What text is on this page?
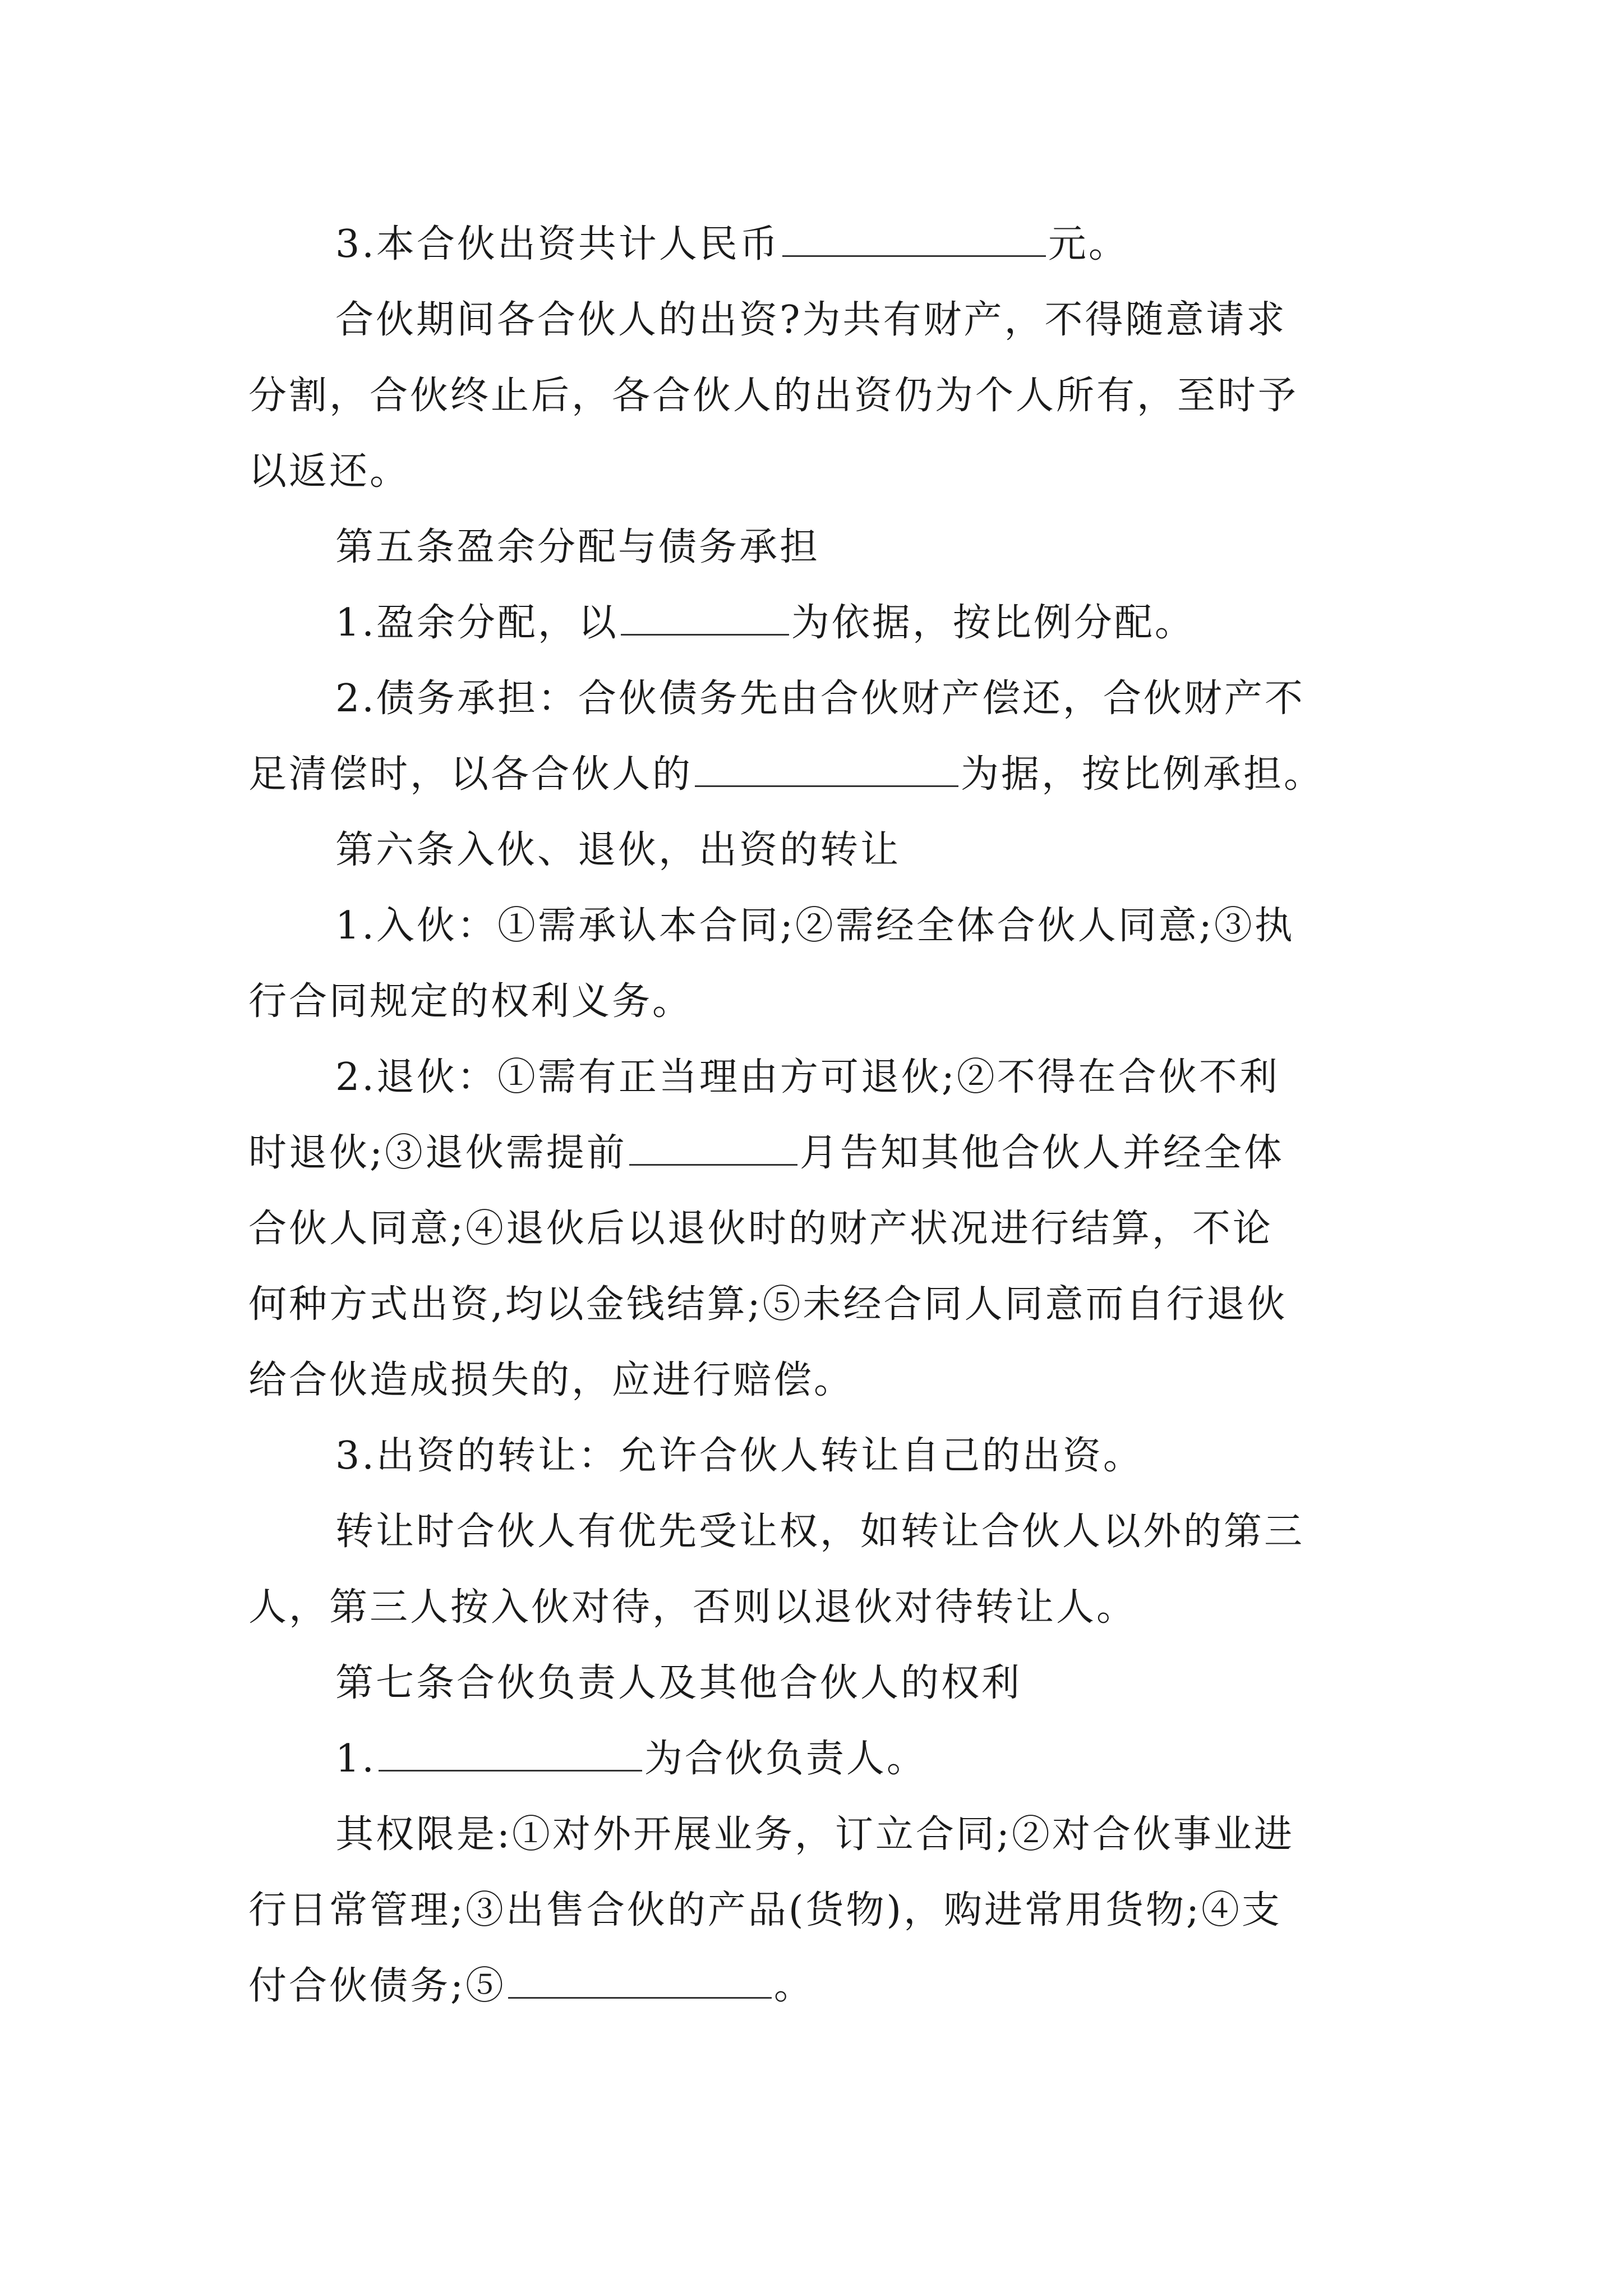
3.本合伙出资共计人民币	元。

合伙期间各合伙人的出资?为共有财产，不得随意请求

分割，合伙终止后，各合伙人的出资仍为个人所有，至时予

以返还。

第五条盈余分配与债务承担

1.盈余分配，以	为依据，按比例分配。

2.债务承担：合伙债务先由合伙财产偿还，合伙财产不

足清偿时，以各合伙人的	为据，按比例承担。

第六条入伙、退伙，出资的转让

1.入伙：①需承认本合同;②需经全体合伙人同意;③执

行合同规定的权利义务。

2.退伙：①需有正当理由方可退伙;②不得在合伙不利

时退伙;③退伙需提前	月告知其他合伙人并经全体

合伙人同意;④退伙后以退伙时的财产状况进行结算，不论

何种方式出资,均以金钱结算;⑤未经合同人同意而自行退伙

给合伙造成损失的，应进行赔偿。

3.出资的转让：允许合伙人转让自己的出资。

转让时合伙人有优先受让权，如转让合伙人以外的第三

人，第三人按入伙对待，否则以退伙对待转让人。

第七条合伙负责人及其他合伙人的权利

1.	为合伙负责人。

其权限是:①对外开展业务，订立合同;②对合伙事业进

行日常管理;③出售合伙的产品(货物)，购进常用货物;④支

付合伙债务;⑤	。
